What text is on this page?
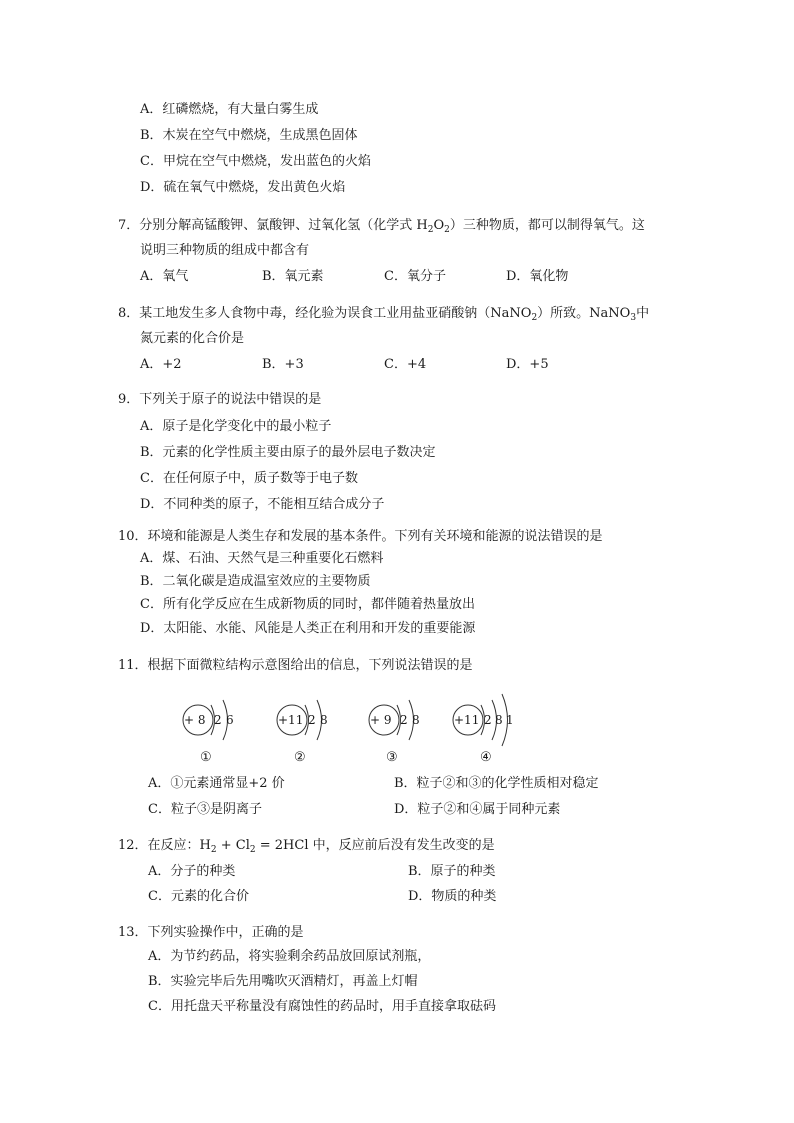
A．红磷燃烧，有大量白雾生成
B．木炭在空气中燃烧，生成黑色固体
C．甲烷在空气中燃烧，发出蓝色的火焰
D．硫在氧气中燃烧，发出黄色火焰
7．分别分解高锰酸钾、氯酸钾、过氧化氢（化学式 $H_2O_2$）三种物质，都可以制得氧气。这
说明三种物质的组成中都含有
A．氧气	B．氧元素	C．氧分子	D．氧化物
8．某工地发生多人食物中毒，经化验为误食工业用盐亚硝酸钠（NaNO$_2$）所致。NaNO$_3$中
氮元素的化合价是
A．+2	B．+3	C．+4	D．+5
9．下列关于原子的说法中错误的是
A．原子是化学变化中的最小粒子
B．元素的化学性质主要由原子的最外层电子数决定
C．在任何原子中，质子数等于电子数
D．不同种类的原子，不能相互结合成分子
10．环境和能源是人类生存和发展的基本条件。下列有关环境和能源的说法错误的是
A．煤、石油、天然气是三种重要化石燃料
B．二氧化碳是造成温室效应的主要物质
C．所有化学反应在生成新物质的同时，都伴随着热量放出
D．太阳能、水能、风能是人类正在利用和开发的重要能源
11．根据下面微粒结构示意图给出的信息，下列说法错误的是
+ 8 2 6
①
+11 2 8
②
+ 9 2 8
③
+11 2 8 1
④
A．①元素通常显+2 价	B．粒子②和③的化学性质相对稳定
C．粒子③是阴离子	D．粒子②和④属于同种元素
12．在反应：$H_2 + Cl_2 = 2HCl$ 中，反应前后没有发生改变的是
A．分子的种类	B．原子的种类
C．元素的化合价	D．物质的种类
13．下列实验操作中，正确的是
A．为节约药品，将实验剩余药品放回原试剂瓶，
B．实验完毕后先用嘴吹灭酒精灯，再盖上灯帽
C．用托盘天平称量没有腐蚀性的药品时，用手直接拿取砝码
